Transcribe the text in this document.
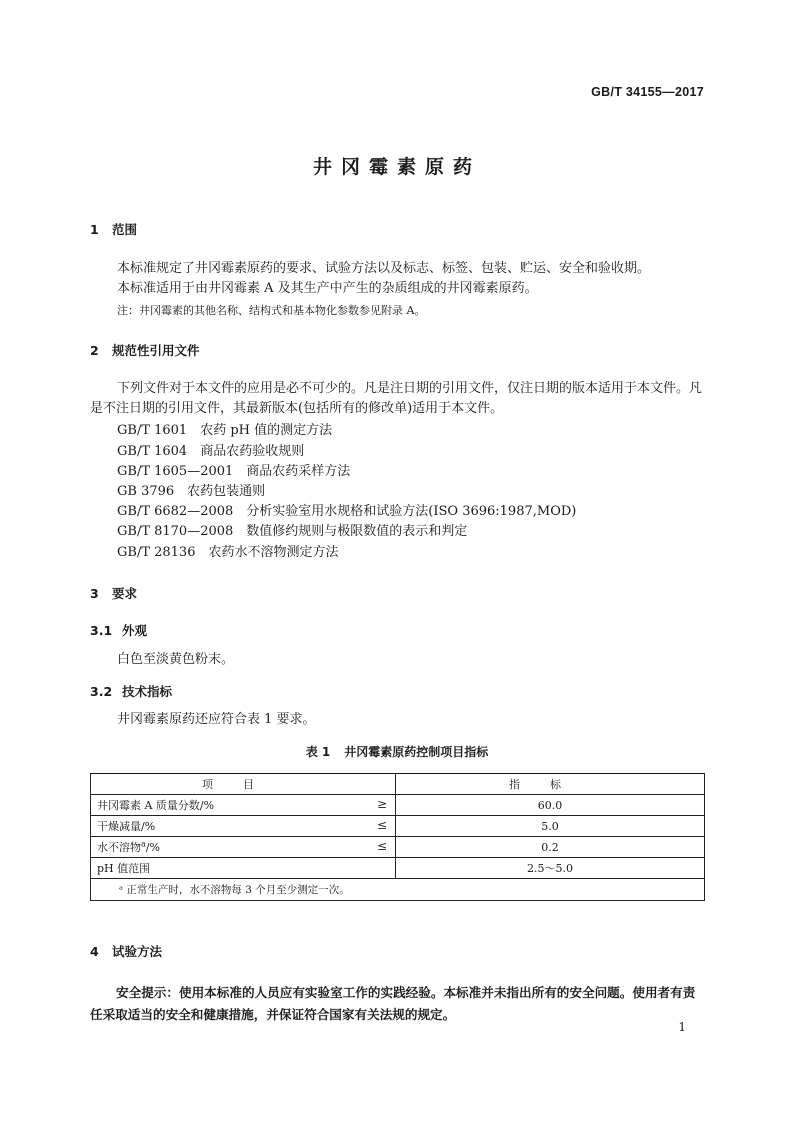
GB/T 34155—2017
井冈霉素原药
1 范围
本标准规定了井冈霉素原药的要求、试验方法以及标志、标签、包装、贮运、安全和验收期。
本标准适用于由井冈霉素 A 及其生产中产生的杂质组成的井冈霉素原药。
注：井冈霉素的其他名称、结构式和基本物化参数参见附录 A。
2 规范性引用文件
下列文件对于本文件的应用是必不可少的。凡是注日期的引用文件，仅注日期的版本适用于本文件。凡是不注日期的引用文件，其最新版本(包括所有的修改单)适用于本文件。
GB/T 1601 农药 pH 值的测定方法
GB/T 1604 商品农药验收规则
GB/T 1605—2001 商品农药采样方法
GB 3796 农药包装通则
GB/T 6682—2008 分析实验室用水规格和试验方法(ISO 3696:1987,MOD)
GB/T 8170—2008 数值修约规则与极限数值的表示和判定
GB/T 28136 农药水不溶物测定方法
3 要求
3.1 外观
白色至淡黄色粉末。
3.2 技术指标
井冈霉素原药还应符合表 1 要求。
表 1 井冈霉素原药控制项目指标
项目	指标
井冈霉素 A 质量分数/% ≥	60.0
干燥减量/% ≤	5.0
水不溶物$^a$/% ≤	0.2
pH 值范围	2.5～5.0
ᵃ 正常生产时，水不溶物每 3 个月至少测定一次。	
4 试验方法
安全提示：使用本标准的人员应有实验室工作的实践经验。本标准并未指出所有的安全问题。使用者有责任采取适当的安全和健康措施，并保证符合国家有关法规的规定。
1
